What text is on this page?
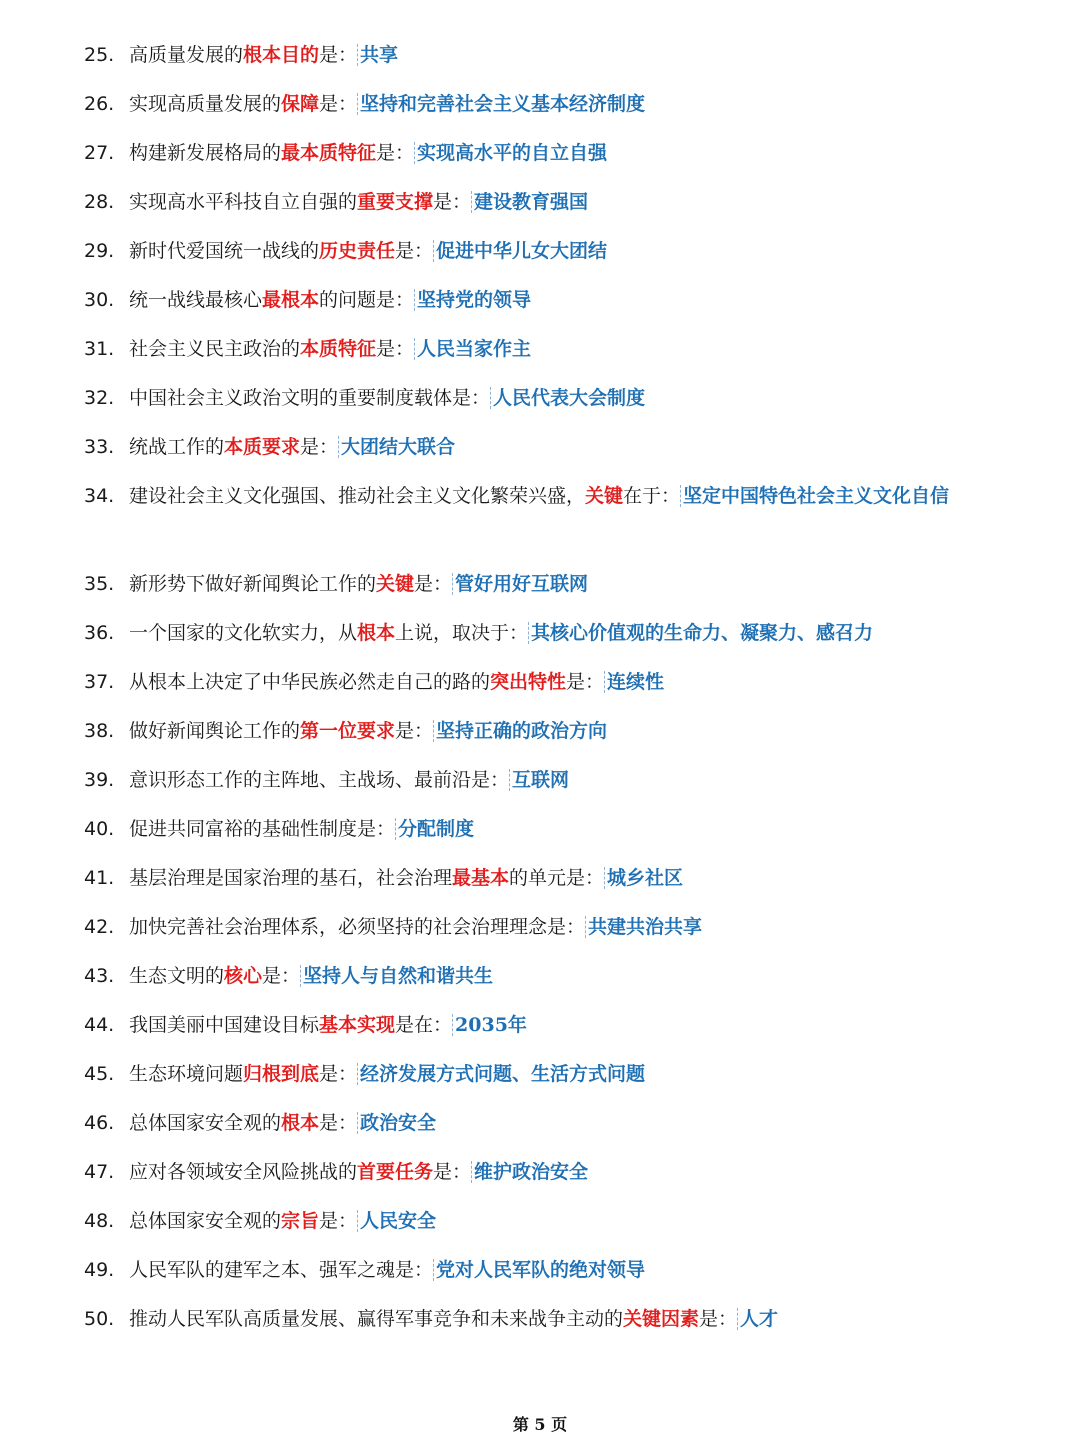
25. 高质量发展的根本目的是： 共享
26. 实现高质量发展的保障是： 坚持和完善社会主义基本经济制度
27. 构建新发展格局的最本质特征是： 实现高水平的自立自强
28. 实现高水平科技自立自强的重要支撑是： 建设教育强国
29. 新时代爱国统一战线的历史责任是： 促进中华儿女大团结
30. 统一战线最核心最根本的问题是： 坚持党的领导
31. 社会主义民主政治的本质特征是： 人民当家作主
32. 中国社会主义政治文明的重要制度载体是： 人民代表大会制度
33. 统战工作的本质要求是： 大团结大联合
34. 建设社会主义文化强国、推动社会主义文化繁荣兴盛，关键在于： 坚定中国特色社会主义文化自信
35. 新形势下做好新闻舆论工作的关键是： 管好用好互联网
36. 一个国家的文化软实力，从根本上说，取决于： 其核心价值观的生命力、凝聚力、感召力
37. 从根本上决定了中华民族必然走自己的路的突出特性是： 连续性
38. 做好新闻舆论工作的第一位要求是： 坚持正确的政治方向
39. 意识形态工作的主阵地、主战场、最前沿是： 互联网
40. 促进共同富裕的基础性制度是： 分配制度
41. 基层治理是国家治理的基石，社会治理最基本的单元是： 城乡社区
42. 加快完善社会治理体系，必须坚持的社会治理理念是： 共建共治共享
43. 生态文明的核心是： 坚持人与自然和谐共生
44. 我国美丽中国建设目标基本实现是在： 2035年
45. 生态环境问题归根到底是： 经济发展方式问题、生活方式问题
46. 总体国家安全观的根本是： 政治安全
47. 应对各领域安全风险挑战的首要任务是： 维护政治安全
48. 总体国家安全观的宗旨是： 人民安全
49. 人民军队的建军之本、强军之魂是： 党对人民军队的绝对领导
50. 推动人民军队高质量发展、赢得军事竞争和未来战争主动的关键因素是： 人才
第 5 页
